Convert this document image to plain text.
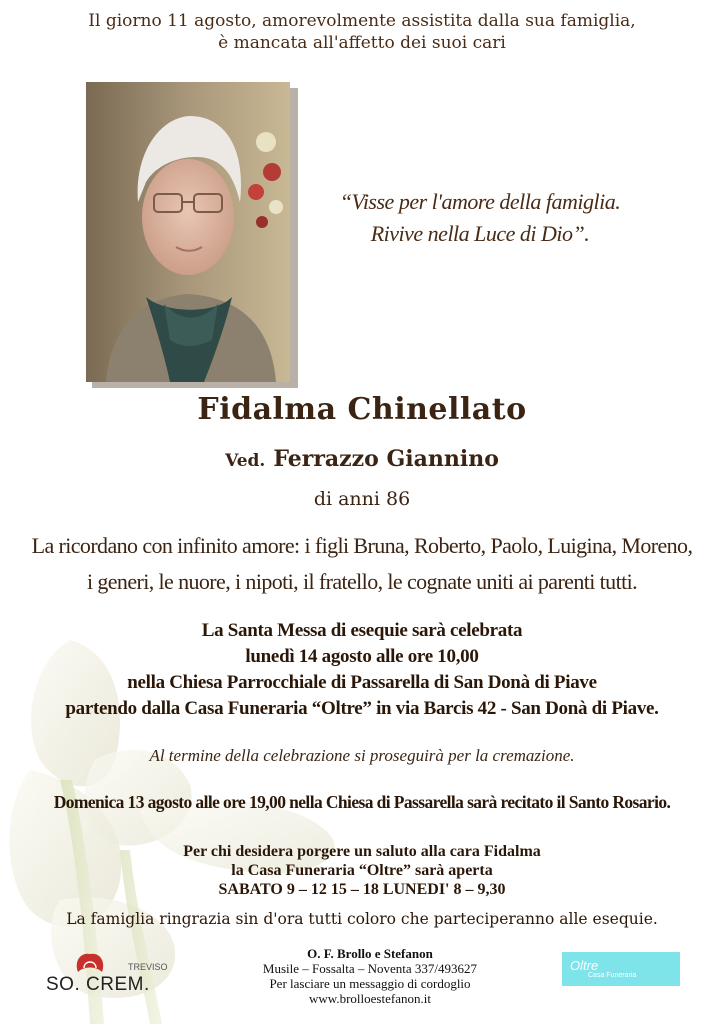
Il giorno 11 agosto, amorevolmente assistita dalla sua famiglia,
è mancata all'affetto dei suoi cari
“Visse per l'amore della famiglia.
Rivive nella Luce di Dio”.
Fidalma Chinellato
Ved. Ferrazzo Giannino
di anni 86
La ricordano con infinito amore: i figli Bruna, Roberto, Paolo, Luigina, Moreno,
i generi, le nuore, i nipoti, il fratello, le cognate uniti ai parenti tutti.
La Santa Messa di esequie sarà celebrata
lunedì 14 agosto alle ore 10,00
nella Chiesa Parrocchiale di Passarella di San Donà di Piave
partendo dalla Casa Funeraria “Oltre” in via Barcis 42 - San Donà di Piave.
Al termine della celebrazione si proseguirà per la cremazione.
Domenica 13 agosto alle ore 19,00 nella Chiesa di Passarella sarà recitato il Santo Rosario.
Per chi desidera porgere un saluto alla cara Fidalma
la Casa Funeraria “Oltre” sarà aperta
SABATO 9 – 12 15 – 18 LUNEDI' 8 – 9,30
La famiglia ringrazia sin d'ora tutti coloro che parteciperanno alle esequie.
TREVISO
SO. CREM.
O. F. Brollo e Stefanon
Musile – Fossalta – Noventa 337/493627
Per lasciare un messaggio di cordoglio
www.brolloestefanon.it
Oltre
Casa Funeraria
